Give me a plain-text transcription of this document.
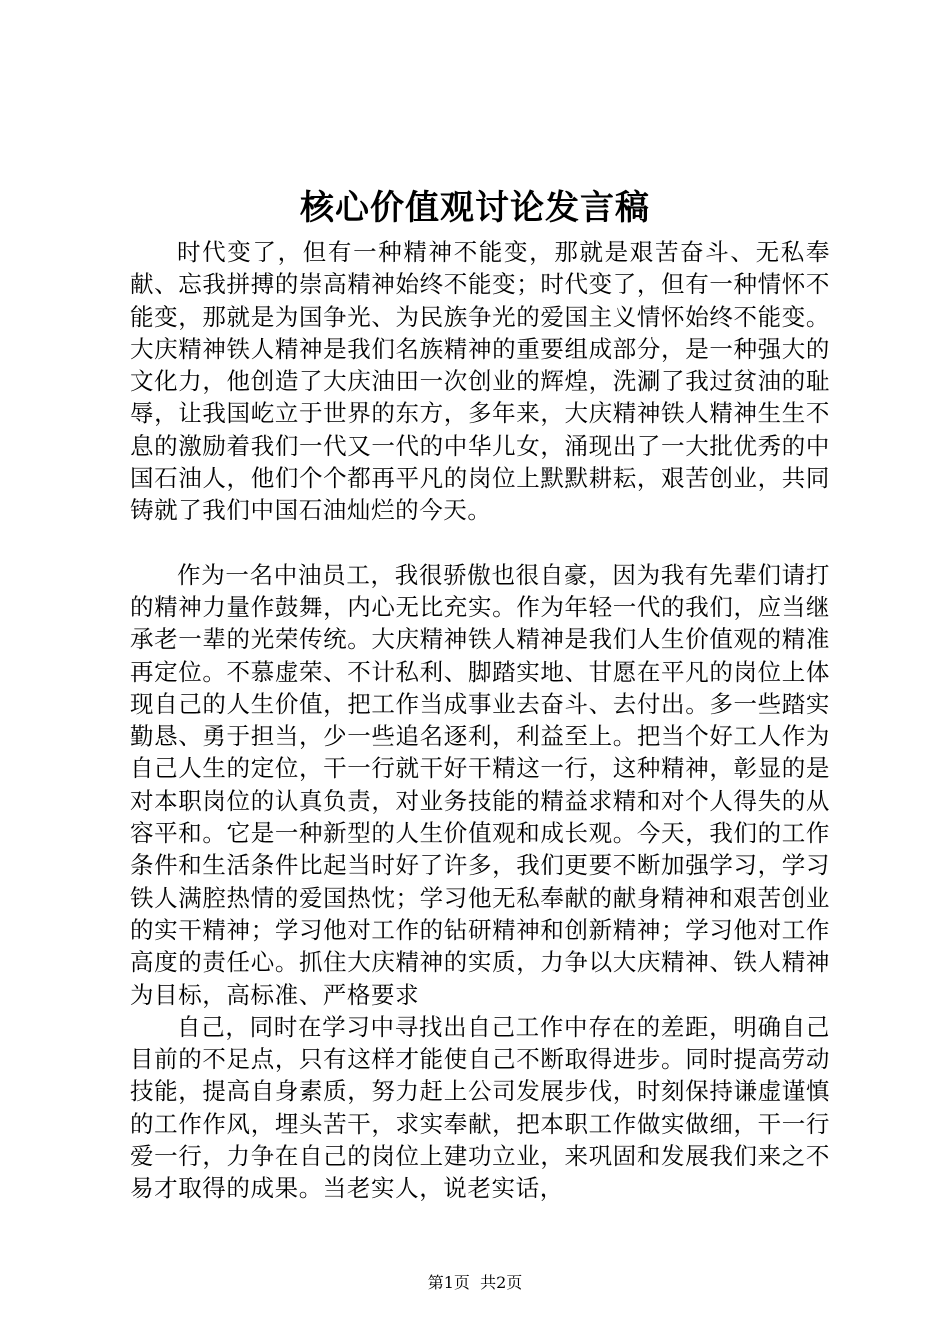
核心价值观讨论发言稿

时代变了，但有一种精神不能变，那就是艰苦奋斗、无私奉献、忘我拼搏的崇高精神始终不能变；时代变了，但有一种情怀不能变，那就是为国争光、为民族争光的爱国主义情怀始终不能变。大庆精神铁人精神是我们名族精神的重要组成部分，是一种强大的文化力，他创造了大庆油田一次创业的辉煌，洗涮了我过贫油的耻辱，让我国屹立于世界的东方，多年来，大庆精神铁人精神生生不息的激励着我们一代又一代的中华儿女，涌现出了一大批优秀的中国石油人，他们个个都再平凡的岗位上默默耕耘，艰苦创业，共同铸就了我们中国石油灿烂的今天。

作为一名中油员工，我很骄傲也很自豪，因为我有先辈们请打的精神力量作鼓舞，内心无比充实。作为年轻一代的我们，应当继承老一辈的光荣传统。大庆精神铁人精神是我们人生价值观的精准再定位。不慕虚荣、不计私利、脚踏实地、甘愿在平凡的岗位上体现自己的人生价值，把工作当成事业去奋斗、去付出。多一些踏实勤恳、勇于担当，少一些追名逐利，利益至上。把当个好工人作为自己人生的定位，干一行就干好干精这一行，这种精神，彰显的是对本职岗位的认真负责，对业务技能的精益求精和对个人得失的从容平和。它是一种新型的人生价值观和成长观。今天，我们的工作条件和生活条件比起当时好了许多，我们更要不断加强学习，学习铁人满腔热情的爱国热忱；学习他无私奉献的献身精神和艰苦创业的实干精神；学习他对工作的钻研精神和创新精神；学习他对工作高度的责任心。抓住大庆精神的实质，力争以大庆精神、铁人精神为目标，高标准、严格要求

自己，同时在学习中寻找出自己工作中存在的差距，明确自己目前的不足点，只有这样才能使自己不断取得进步。同时提高劳动技能，提高自身素质，努力赶上公司发展步伐，时刻保持谦虚谨慎的工作作风，埋头苦干，求实奉献，把本职工作做实做细，干一行爱一行，力争在自己的岗位上建功立业，来巩固和发展我们来之不易才取得的成果。当老实人，说老实话，

第1页  共2页
